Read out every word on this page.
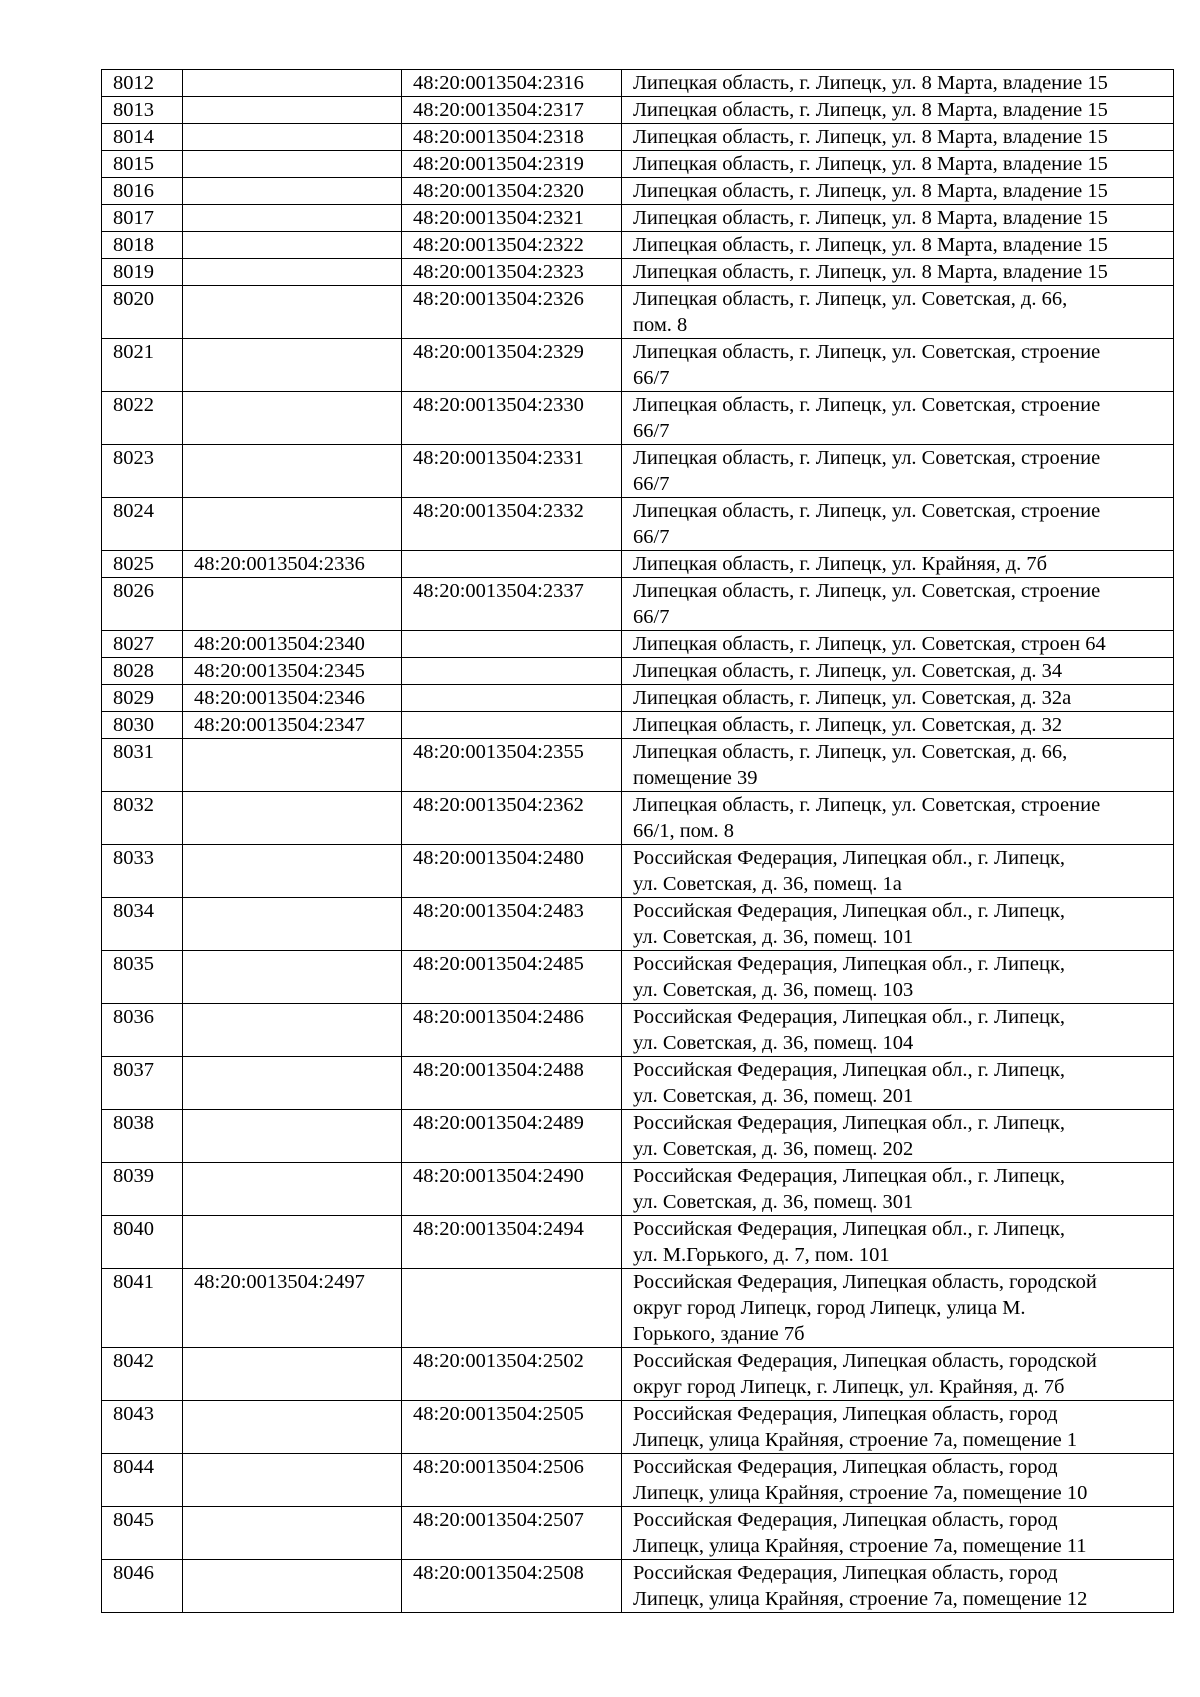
8012		48:20:0013504:2316	Липецкая область, г. Липецк, ул. 8 Марта, владение 15
8013		48:20:0013504:2317	Липецкая область, г. Липецк, ул. 8 Марта, владение 15
8014		48:20:0013504:2318	Липецкая область, г. Липецк, ул. 8 Марта, владение 15
8015		48:20:0013504:2319	Липецкая область, г. Липецк, ул. 8 Марта, владение 15
8016		48:20:0013504:2320	Липецкая область, г. Липецк, ул. 8 Марта, владение 15
8017		48:20:0013504:2321	Липецкая область, г. Липецк, ул. 8 Марта, владение 15
8018		48:20:0013504:2322	Липецкая область, г. Липецк, ул. 8 Марта, владение 15
8019		48:20:0013504:2323	Липецкая область, г. Липецк, ул. 8 Марта, владение 15
8020		48:20:0013504:2326	Липецкая область, г. Липецк, ул. Советская, д. 66,
пом. 8
8021		48:20:0013504:2329	Липецкая область, г. Липецк, ул. Советская, строение
66/7
8022		48:20:0013504:2330	Липецкая область, г. Липецк, ул. Советская, строение
66/7
8023		48:20:0013504:2331	Липецкая область, г. Липецк, ул. Советская, строение
66/7
8024		48:20:0013504:2332	Липецкая область, г. Липецк, ул. Советская, строение
66/7
8025	48:20:0013504:2336		Липецкая область, г. Липецк, ул. Крайняя, д. 7б
8026		48:20:0013504:2337	Липецкая область, г. Липецк, ул. Советская, строение
66/7
8027	48:20:0013504:2340		Липецкая область, г. Липецк, ул. Советская, строен 64
8028	48:20:0013504:2345		Липецкая область, г. Липецк, ул. Советская, д. 34
8029	48:20:0013504:2346		Липецкая область, г. Липецк, ул. Советская, д. 32а
8030	48:20:0013504:2347		Липецкая область, г. Липецк, ул. Советская, д. 32
8031		48:20:0013504:2355	Липецкая область, г. Липецк, ул. Советская, д. 66,
помещение 39
8032		48:20:0013504:2362	Липецкая область, г. Липецк, ул. Советская, строение
66/1, пом. 8
8033		48:20:0013504:2480	Российская Федерация, Липецкая обл., г. Липецк,
ул. Советская, д. 36, помещ. 1а
8034		48:20:0013504:2483	Российская Федерация, Липецкая обл., г. Липецк,
ул. Советская, д. 36, помещ. 101
8035		48:20:0013504:2485	Российская Федерация, Липецкая обл., г. Липецк,
ул. Советская, д. 36, помещ. 103
8036		48:20:0013504:2486	Российская Федерация, Липецкая обл., г. Липецк,
ул. Советская, д. 36, помещ. 104
8037		48:20:0013504:2488	Российская Федерация, Липецкая обл., г. Липецк,
ул. Советская, д. 36, помещ. 201
8038		48:20:0013504:2489	Российская Федерация, Липецкая обл., г. Липецк,
ул. Советская, д. 36, помещ. 202
8039		48:20:0013504:2490	Российская Федерация, Липецкая обл., г. Липецк,
ул. Советская, д. 36, помещ. 301
8040		48:20:0013504:2494	Российская Федерация, Липецкая обл., г. Липецк,
ул. М.Горького, д. 7, пом. 101
8041	48:20:0013504:2497		Российская Федерация, Липецкая область, городской
округ город Липецк, город Липецк, улица М.
Горького, здание 7б
8042		48:20:0013504:2502	Российская Федерация, Липецкая область, городской
округ город Липецк, г. Липецк, ул. Крайняя, д. 7б
8043		48:20:0013504:2505	Российская Федерация, Липецкая область, город
Липецк, улица Крайняя, строение 7а, помещение 1
8044		48:20:0013504:2506	Российская Федерация, Липецкая область, город
Липецк, улица Крайняя, строение 7а, помещение 10
8045		48:20:0013504:2507	Российская Федерация, Липецкая область, город
Липецк, улица Крайняя, строение 7а, помещение 11
8046		48:20:0013504:2508	Российская Федерация, Липецкая область, город
Липецк, улица Крайняя, строение 7а, помещение 12
